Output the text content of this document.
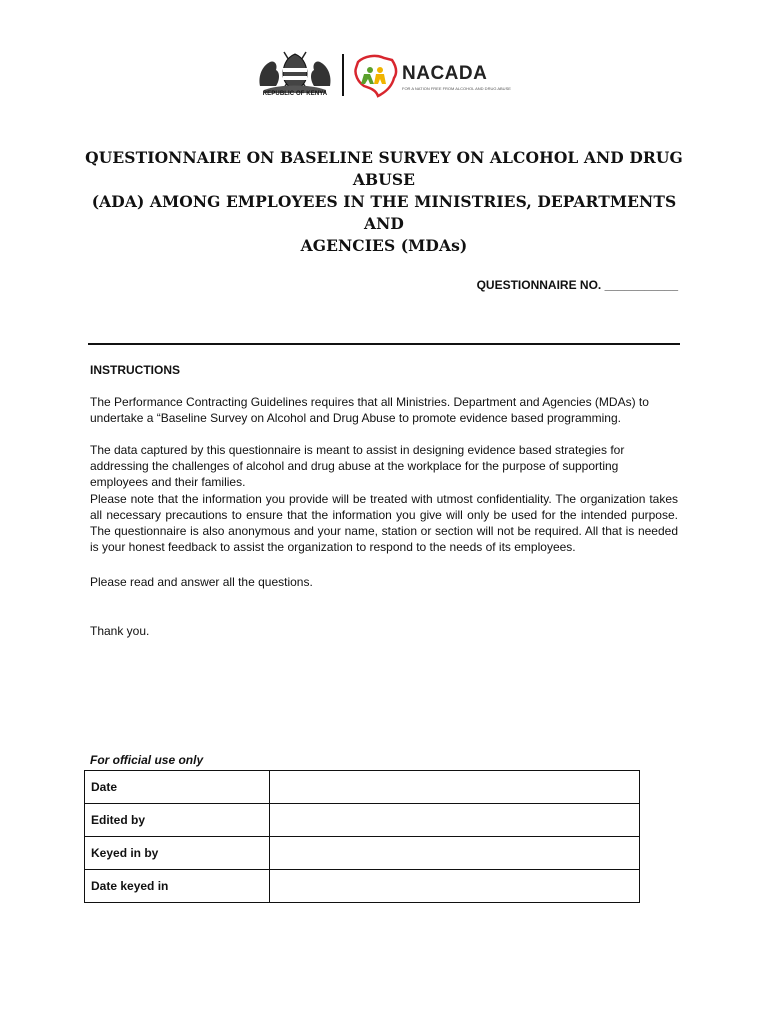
REPUBLIC OF KENYA
NACADA
FOR A NATION FREE FROM ALCOHOL AND DRUG ABUSE
QUESTIONNAIRE ON BASELINE SURVEY ON ALCOHOL AND DRUG ABUSE
(ADA) AMONG EMPLOYEES IN THE MINISTRIES, DEPARTMENTS AND
AGENCIES (MDAs)
QUESTIONNAIRE NO. ___________
INSTRUCTIONS
The Performance Contracting Guidelines requires that all Ministries. Department and Agencies (MDAs) to undertake a “Baseline Survey on Alcohol and Drug Abuse to promote evidence based programming.
The data captured by this questionnaire is meant to assist in designing evidence based strategies for addressing the challenges of alcohol and drug abuse at the workplace for the purpose of supporting employees and their families.
Please note that the information you provide will be treated with utmost confidentiality. The organization takes all necessary precautions to ensure that the information you give will only be used for the intended purpose. The questionnaire is also anonymous and your name, station or section will not be required. All that is needed is your honest feedback to assist the organization to respond to the needs of its employees.
Please read and answer all the questions.
Thank you.
For official use only
Date	
Edited by	
Keyed in by	
Date keyed in	
